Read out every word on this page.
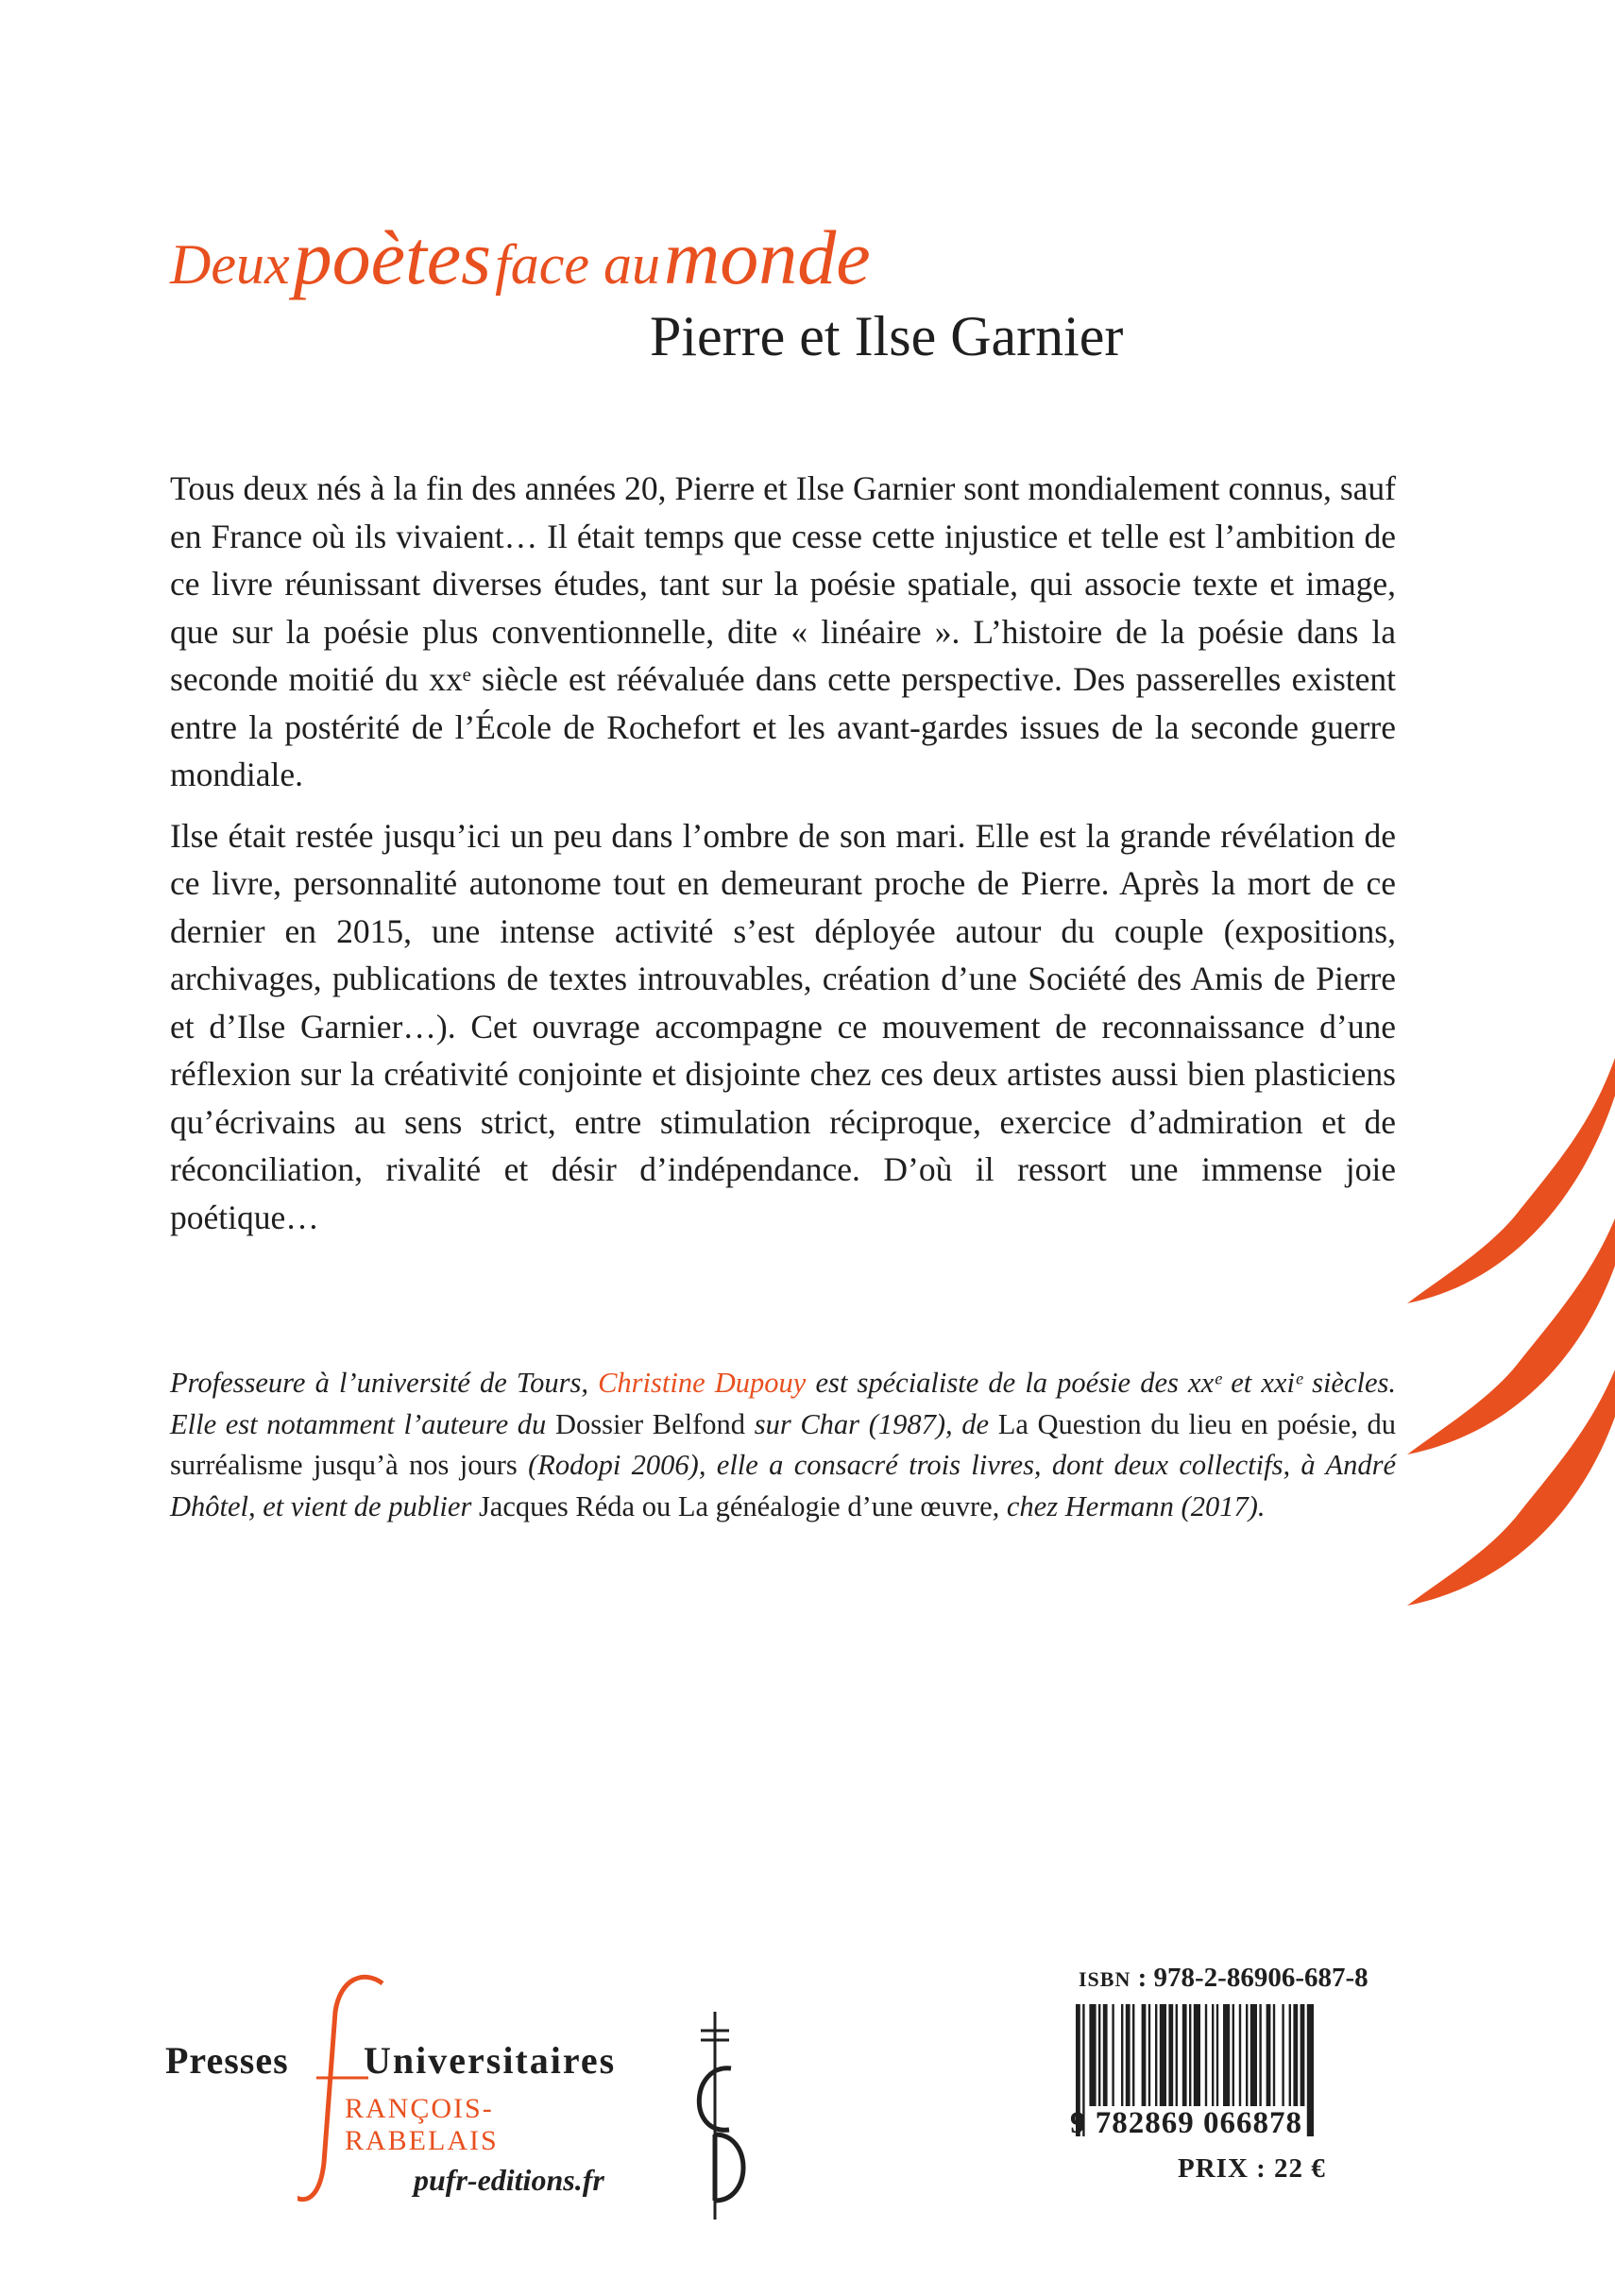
Deux poètes face au monde
Pierre et Ilse Garnier

Tous deux nés à la fin des années 20, Pierre et Ilse Garnier sont mondialement connus, sauf en France où ils vivaient… Il était temps que cesse cette injustice et telle est l’ambition de ce livre réunissant diverses études, tant sur la poésie spatiale, qui associe texte et image, que sur la poésie plus conventionnelle, dite « linéaire ». L’histoire de la poésie dans la seconde moitié du xxᵉ siècle est réévaluée dans cette perspective. Des passerelles existent entre la postérité de l’École de Rochefort et les avant-gardes issues de la seconde guerre mondiale.

Ilse était restée jusqu’ici un peu dans l’ombre de son mari. Elle est la grande révélation de ce livre, personnalité autonome tout en demeurant proche de Pierre. Après la mort de ce dernier en 2015, une intense activité s’est déployée autour du couple (expositions, archivages, publications de textes introuvables, création d’une Société des Amis de Pierre et d’Ilse Garnier…). Cet ouvrage accompagne ce mouvement de reconnaissance d’une réflexion sur la créativité conjointe et disjointe chez ces deux artistes aussi bien plasticiens qu’écrivains au sens strict, entre stimulation réciproque, exercice d’admiration et de réconciliation, rivalité et désir d’indépendance. D’où il ressort une immense joie poétique…

Professeure à l’université de Tours, Christine Dupouy est spécialiste de la poésie des xxᵉ et xxiᵉ siècles. Elle est notamment l’auteure du Dossier Belfond sur Char (1987), de La Question du lieu en poésie, du surréalisme jusqu’à nos jours (Rodopi 2006), elle a consacré trois livres, dont deux collectifs, à André Dhôtel, et vient de publier Jacques Réda ou La généalogie d’une œuvre, chez Hermann (2017).
Presses Universitaires
RANÇOIS-RABELAIS
pufr-editions.fr
ISBN : 978-2-86906-687-8
9 782869 066878
PRIX : 22 €
